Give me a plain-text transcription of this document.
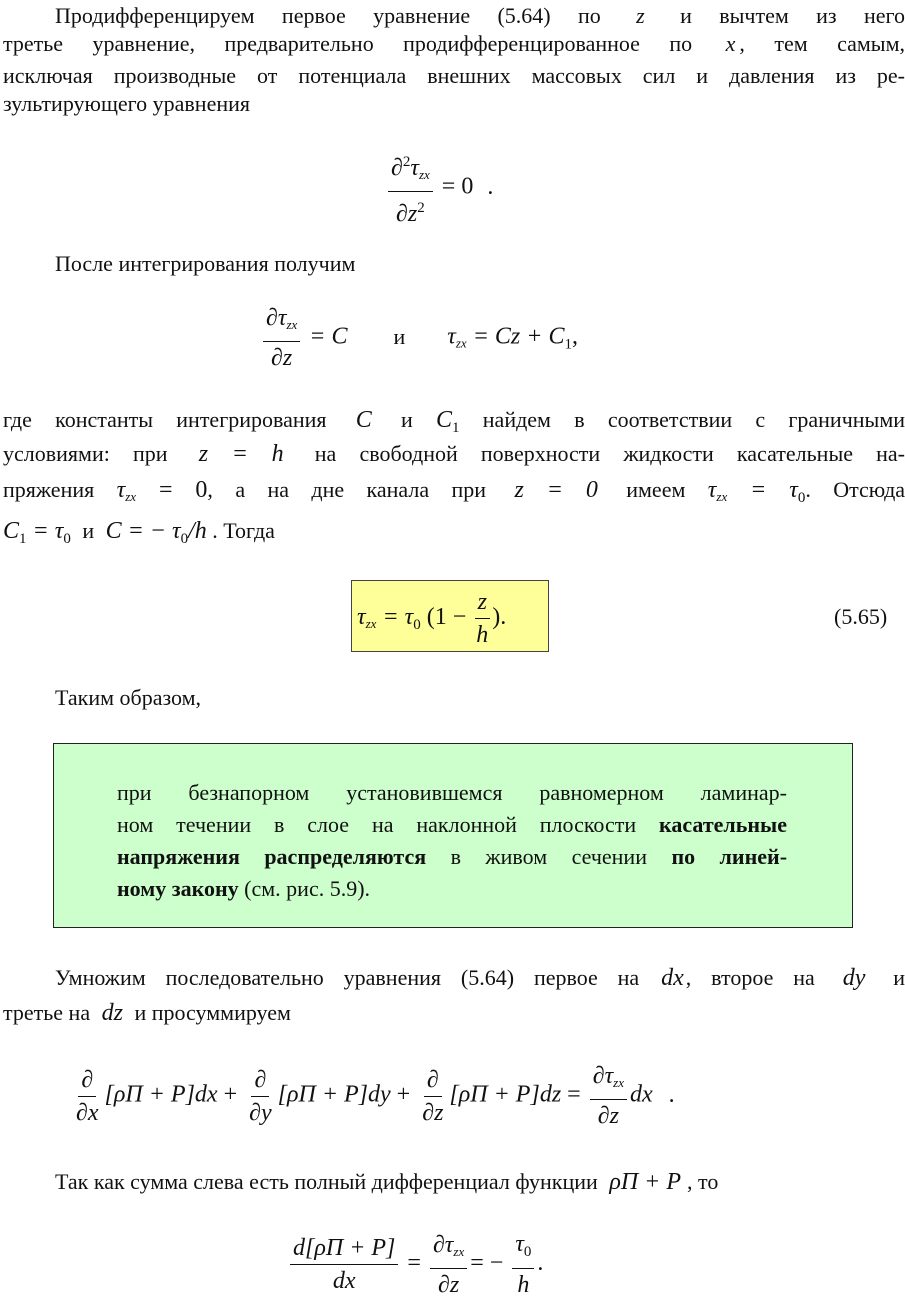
Продифференцируем первое уравнение (5.64) по z и вычтем из него
третье уравнение, предварительно продифференцированное по x , тем самым,
исключая производные от потенциала внешних массовых сил и давления из ре-
зультирующего уравнения
$\frac{\partial^2\tau_{zx}}{\partial z^2} = 0$ .
После интегрирования получим
$\frac{\partial\tau_{zx}}{\partial z} = C$ и $\tau_{zx} = Cz + C_1$,
где константы интегрирования C и $C_1$ найдем в соответствии с граничными
условиями: при z = h на свободной поверхности жидкости касательные на-
пряжения $\tau_{zx} = 0$, а на дне канала при z = 0 имеем $\tau_{zx} = \tau_0$. Отсюда
$C_1 = \tau_0$ и C = − $\tau_0/h$ . Тогда
$\tau_{zx} = \tau_0$ ($1 - \frac{z}{h}$ ).	(5.65)
Таким образом,
при безнапорном установившемся равномерном ламинар-
ном течении в слое на наклонной плоскости касательные
напряжения распределяются в живом сечении по линей-
ному закону (см. рис. 5.9).
Умножим последовательно уравнения (5.64) первое на dx, второе на dy и
третье на dz и просуммируем
$\frac{\partial}{\partial x} [\rho\Pi + P]dx + \frac{\partial}{\partial y} [\rho\Pi + P]dy + \frac{\partial}{\partial z} [\rho\Pi + P]dz = \frac{\partial\tau_{zx}}{\partial z}$ dx .
Так как сумма слева есть полный дифференциал функции ρΠ + P , то
$\frac{d[\rho\Pi + P]}{dx} = \frac{\partial\tau_{zx}}{\partial z}$ = − $\frac{\tau_0}{h}$ .
